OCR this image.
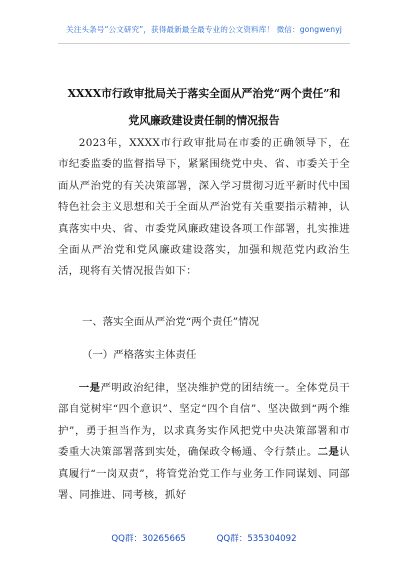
关注头条号“公文研究”，获得最新最全最专业的公文资料库！ 微信：gongwenyj
XXXX市行政审批局关于落实全面从严治党“两个责任”和
党风廉政建设责任制的情况报告

2023年，XXXX市行政审批局在市委的正确领导下，在市纪委监委的监督指导下，紧紧围绕党中央、省、市委关于全面从严治党的有关决策部署，深入学习贯彻习近平新时代中国特色社会主义思想和关于全面从严治党有关重要指示精神，认真落实中央、省、市委党风廉政建设各项工作部署，扎实推进全面从严治党和党风廉政建设落实，加强和规范党内政治生活，现将有关情况报告如下：

一、落实全面从严治党“两个责任”情况
（一）严格落实主体责任

一是严明政治纪律，坚决维护党的团结统一。全体党员干部自觉树牢“四个意识”、坚定“四个自信”、坚决做到“两个维护”，勇于担当作为，以求真务实作风把党中央决策部署和市委重大决策部署落到实处，确保政令畅通、令行禁止。二是认真履行“一岗双责”，将管党治党工作与业务工作同谋划、同部署、同推进、同考核，抓好

QQ群：30265665	QQ群：535304092
